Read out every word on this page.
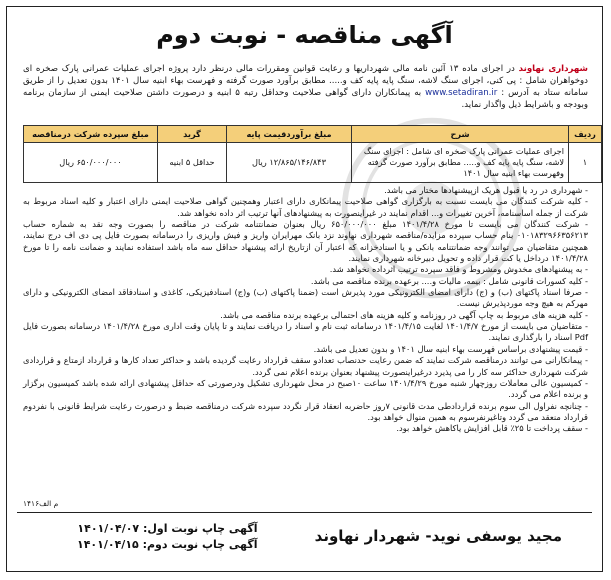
آگهی مناقصه - نوبت دوم
شهرداری نهاوند در اجرای ماده ۱۳ آئین نامه مالی شهرداریها و رعایت قوانین ومقررات مالی درنظر دارد پروژه اجرای عملیات عمرانی پارک صخره ای دوخواهران شامل : پی کنی، اجرای سنگ لاشه، سنگ پایه پایه کف و..... مطابق برآورد صورت گرفته و فهرست بهاء ابنیه سال ۱۴۰۱ بدون تعدیل را از طریق سامانه ستاد به آدرس : www.setadiran.ir به پیمانکاران دارای گواهی صلاحیت وحداقل رتبه ۵ ابنیه و درصورت داشتن صلاحیت ایمنی از سازمان برنامه وبودجه و باشرایط ذیل واگذار نماید.
ردیف	شرح	مبلغ برآوردقیمت پایه	گرید	مبلغ سپرده شرکت درمناقصه
۱	اجرای عملیات عمرانی پارک صخره ای شامل : اجرای سنگ لاشه، سنگ پایه پایه کف و..... مطابق برآورد صورت گرفته وفهرست بهاء ابنیه سال ۱۴۰۱	۱۲/۸۶۵/۱۴۶/۸۴۳ ریال	حداقل ۵ ابنیه	۶۵۰/۰۰۰/۰۰۰ ریال

- شهرداری در رد یا قبول هریک ازپیشنهادها مختار می باشد.

- کلیه شرکت کنندگان می بایست نسبت به بارگزاری گواهی صلاحیت پیمانکاری دارای اعتبار وهمچنین گواهی صلاحیت ایمنی دارای اعتبار و کلیه اسناد مربوط به شرکت از جمله اساسنامه، آخرین تغییرات و... اقدام نمایند در غیراینصورت به پیشنهادهای آنها ترتیب اثر داده نخواهد شد.

- شرکت کنندگان می بایست تا مورخ ۱۴۰۱/۴/۲۸ مبلغ ۶۵۰/۰۰۰/۰۰۰ ریال بعنوان ضمانتنامه شرکت در مناقصه را بصورت وجه نقد به شماره حساب ۰۱۰۱۸۳۲۹۶۶۳۵۶۲۱۳ بنام حساب سپرده مزایده/مناقصه شهرداری نهاوند نزد بانک مهرایران واریز و فیش واریزی را درسامانه بصورت فایل پی دی اف درج نمایند، همچنین متقاضیان می توانند وجه ضمانتنامه بانکی و یا اسنادخزانه که اعتبار آن ازتاریخ ارائه پیشنهاد حداقل سه ماه باشد استفاده نمایند و ضمانت نامه را تا مورخ ۱۴۰۱/۴/۲۸ درداخل یا کت قرار داده و تحویل دبیرخانه شهرداری نمایند.

- به پیشنهادهای مخدوش ومشروط و فاقد سپرده ترتیب اثرداده نخواهد شد.

- کلیه کسورات قانونی شامل : بیمه، مالیات و.... برعهده برنده مناقصه می باشد.

- صرفا اسناد پاکتهای (ب) و (ج) دارای امضای الکترونیکی مورد پذیرش است (ضمنا پاکتهای (ب) و(ج) اسنادفیزیکی، کاغذی و اسنادفاقد امضای الکترونیکی و دارای مهرکم به هیچ وجه موردپذیرش نیست.

- کلیه هزینه های مربوط به چاپ آگهی در روزنامه و کلیه هزینه های احتمالی برعهده برنده مناقصه می باشد.

- متقاضیان می بایست از مورخ ۱۴۰۱/۴/۷ لغایت ۱۴۰۱/۴/۱۵ درسامانه ثبت نام و اسناد را دریافت نمایند و تا پایان وقت اداری مورخ ۱۴۰۱/۴/۲۸ درسامانه بصورت فایل Pdf اسناد را بارگذاری نمایند.

- قیمت پیشنهادی براساس فهرست بهاء ابنیه سال ۱۴۰۱ و بدون تعدیل می باشد.

- پیمانکارانی می توانند درمناقصه شرکت نمایند که ضمن رعایت حدنصاب تعدادو سقف قرارداد رعایت گردیده باشد و حداکثر تعداد کارها و قرارداد ازمتاع و قراردادی شرکت شهرداری حداکثر سه کار را می پذیرد درغیراینصورت پیشنهاد بعنوان برنده اعلام نمی گردد.

- کمیسیون عالی معاملات روزچهار شنبه مورخ ۱۴۰۱/۴/۲۹ ساعت ۱۰صبح در محل شهرداری تشکیل ودرصورتی که حداقل پیشنهادی ارائه شده باشد کمیسیون برگزار و برنده اعلام می گردد.

- چنانچه نفراول الی سوم برنده قراردادطی مدت قانونی ۷روز حاضربه انعقاد قرار نگردد سپرده شرکت درمناقصه ضبط و درصورت رعایت شرایط قانونی با نفردوم قرارداد منعقد می گردد وتاغیرنفرسوم به همین منوال خواهد بود.

- سقف پرداخت تا ۲۵٪ قابل افزایش یاکاهش خواهد بود.

۱۴۱۶م الف
آگهی چاپ نوبت اول: ۱۴۰۱/۰۴/۰۷
آگهی چاپ نوبت دوم: ۱۴۰۱/۰۴/۱۵	مجید یوسفی نوید- شهردار نهاوند
